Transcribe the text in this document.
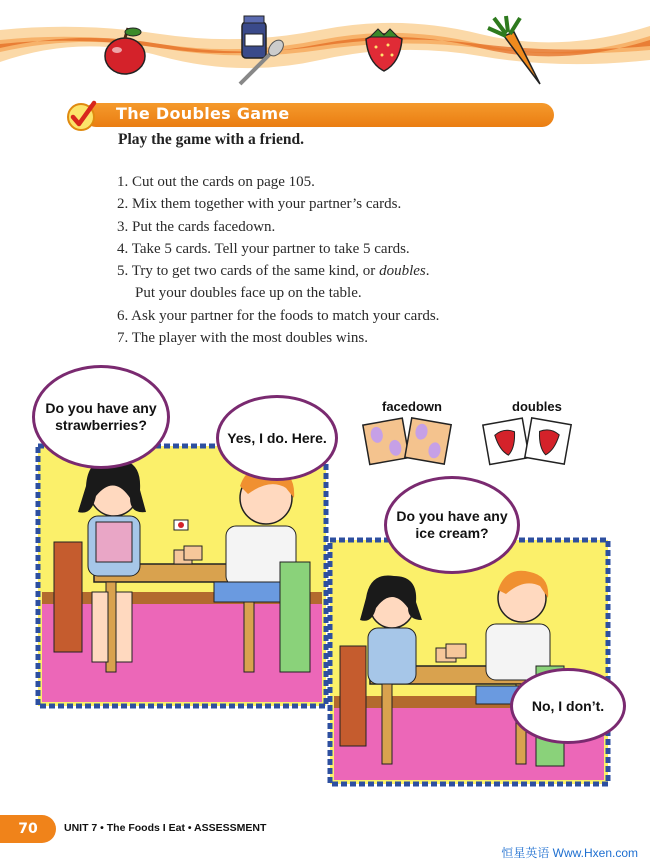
The Doubles Game
Play the game with a friend.
1. Cut out the cards on page 105.
2. Mix them together with your partner’s cards.
3. Put the cards facedown.
4. Take 5 cards. Tell your partner to take 5 cards.
5. Try to get two cards of the same kind, or doubles.
Put your doubles face up on the table.
6. Ask your partner for the foods to match your cards.
7. The player with the most doubles wins.
Do you have any strawberries?
Yes, I do. Here.
facedown	doubles
Do you have any ice cream?
No, I don’t.
70	UNIT 7 • The Foods I Eat • ASSESSMENT
恒星英语 Www.Hxen.com
